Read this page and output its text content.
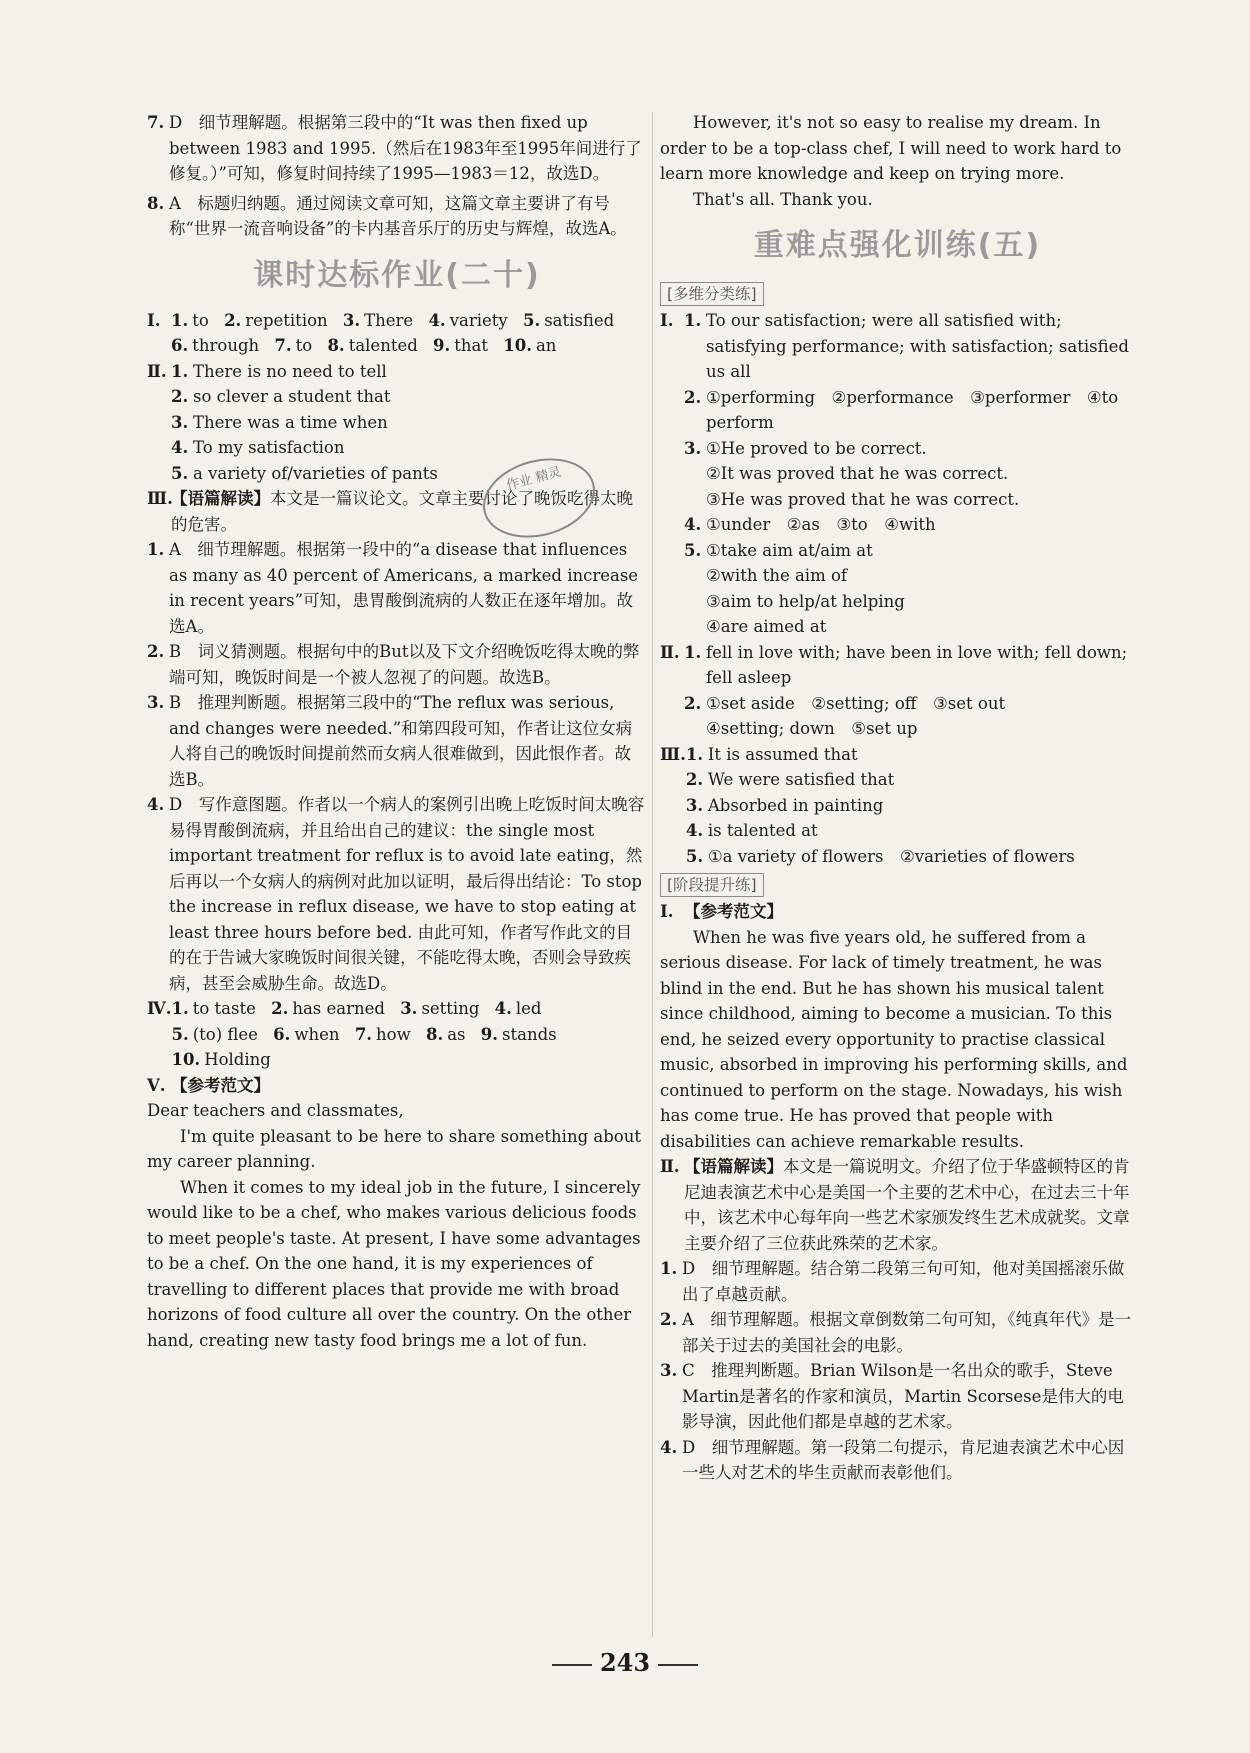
7. D　细节理解题。根据第三段中的“It was then fixed up between 1983 and 1995.（然后在1983年至1995年间进行了修复。）”可知，修复时间持续了1995—1983＝12，故选D。
8. A　标题归纳题。通过阅读文章可知，这篇文章主要讲了有号称“世界一流音响设备”的卡内基音乐厅的历史与辉煌，故选A。
课时达标作业(二十)
Ⅰ. 1. to 2. repetition 3. There 4. variety 5. satisfied
6. through 7. to 8. talented 9. that 10. an
Ⅱ. 1. There is no need to tell
2. so clever a student that
3. There was a time when
4. To my satisfaction
5. a variety of/varieties of pants
Ⅲ.
【语篇解读】本文是一篇议论文。文章主要讨论了晚饭吃得太晚的危害。
1. A　细节理解题。根据第一段中的“a disease that influences as many as 40 percent of Americans, a marked increase in recent years”可知，患胃酸倒流病的人数正在逐年增加。故选A。
2. B　词义猜测题。根据句中的But以及下文介绍晚饭吃得太晚的弊端可知，晚饭时间是一个被人忽视了的问题。故选B。
3. B　推理判断题。根据第三段中的“The reflux was serious, and changes were needed.”和第四段可知，作者让这位女病人将自己的晚饭时间提前然而女病人很难做到，因此恨作者。故选B。
4. D　写作意图题。作者以一个病人的案例引出晚上吃饭时间太晚容易得胃酸倒流病，并且给出自己的建议：the single most important treatment for reflux is to avoid late eating，然后再以一个女病人的病例对此加以证明，最后得出结论：To stop the increase in reflux disease, we have to stop eating at least three hours before bed. 由此可知，作者写作此文的目的在于告诫大家晚饭时间很关键，不能吃得太晚，否则会导致疾病，甚至会威胁生命。故选D。
Ⅳ. 1. to taste 2. has earned 3. setting 4. led
5. (to) flee 6. when 7. how 8. as 9. stands
10. Holding
Ⅴ. 【参考范文】

Dear teachers and classmates,

I'm quite pleasant to be here to share something about my career planning.

When it comes to my ideal job in the future, I sincerely would like to be a chef, who makes various delicious foods to meet people's taste. At present, I have some advantages to be a chef. On the one hand, it is my experiences of travelling to different places that provide me with broad horizons of food culture all over the country. On the other hand, creating new tasty food brings me a lot of fun.

作业 精灵

However, it's not so easy to realise my dream. In order to be a top-class chef, I will need to work hard to learn more knowledge and keep on trying more.

That's all. Thank you.

重难点强化训练(五)
[多维分类练]
Ⅰ. 1. To our satisfaction; were all satisfied with; satisfying performance; with satisfaction; satisfied us all
2. ①performing　②performance　③performer　④to perform
3. ①He proved to be correct.
②It was proved that he was correct.
③He was proved that he was correct.
4. ①under　②as　③to　④with
5. ①take aim at/aim at
②with the aim of
③aim to help/at helping
④are aimed at
Ⅱ. 1. fell in love with; have been in love with; fell down; fell asleep
2. ①set aside　②setting; off　③set out
④setting; down　⑤set up
Ⅲ. 1. It is assumed that
2. We were satisfied that
3. Absorbed in painting
4. is talented at
5. ①a variety of flowers　②varieties of flowers
[阶段提升练]
Ⅰ. 【参考范文】

When he was five years old, he suffered from a serious disease. For lack of timely treatment, he was blind in the end. But he has shown his musical talent since childhood, aiming to become a musician. To this end, he seized every opportunity to practise classical music, absorbed in improving his performing skills, and continued to perform on the stage. Nowadays, his wish has come true. He has proved that people with disabilities can achieve remarkable results.

Ⅱ. 【语篇解读】本文是一篇说明文。介绍了位于华盛顿特区的肯尼迪表演艺术中心是美国一个主要的艺术中心，在过去三十年中，该艺术中心每年向一些艺术家颁发终生艺术成就奖。文章主要介绍了三位获此殊荣的艺术家。
1. D　细节理解题。结合第二段第三句可知，他对美国摇滚乐做出了卓越贡献。
2. A　细节理解题。根据文章倒数第二句可知，《纯真年代》是一部关于过去的美国社会的电影。
3. C　推理判断题。Brian Wilson是一名出众的歌手，Steve Martin是著名的作家和演员，Martin Scorsese是伟大的电影导演，因此他们都是卓越的艺术家。
4. D　细节理解题。第一段第二句提示，肯尼迪表演艺术中心因一些人对艺术的毕生贡献而表彰他们。
243
